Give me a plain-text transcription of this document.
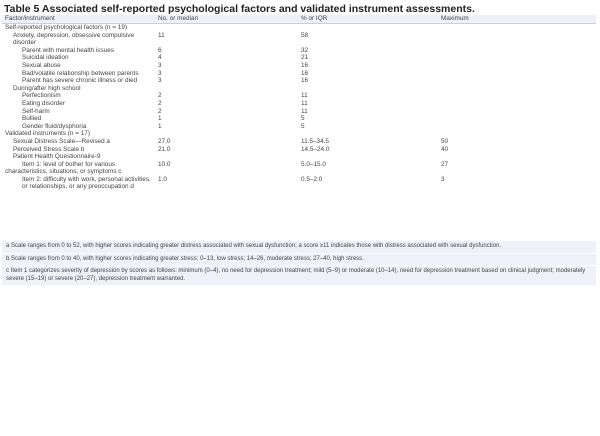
Table 5 Associated self-reported psychological factors and validated instrument assessments.
Factor/instrument	No. or median	% or IQR	Maximum
Self-reported psychological factors (n = 19)			
Anxiety, depression, obsessive compulsive disorder	11	58	
Parent with mental health issues	6	32	
Suicidal ideation	4	21	
Sexual abuse	3	16	
Bad/volatile relationship between parents	3	16	
Parent has severe chronic illness or died	3	16	
During/after high school			
Perfectionism	2	11	
Eating disorder	2	11	
Self-harm	2	11	
Bullied	1	5	
Gender fluid/dysphoria	1	5	
Validated instruments (n = 17)			
Sexual Distress Scale—Revised a	27.0	11.5–34.5	50
Perceived Stress Scale b	21.0	14.5–24.0	40
Patient Health Questionnaire-9			
Item 1: level of bother for various	10.0	5.0–15.0	27
characteristics, situations, or symptoms c			
Item 2: difficulty with work, personal activities, or relationships, or any preoccupation d	1.0	0.5–2.0	3
a Scale ranges from 0 to 52, with higher scores indicating greater distress associated with sexual dysfunction; a score ≥11 indicates those with distress associated with sexual dysfunction.
b Scale ranges from 0 to 40, with higher scores indicating greater stress: 0–13, low stress; 14–26, moderate stress; 27–40, high stress.
c Item 1 categorizes severity of depression by scores as follows: minimum (0–4), no need for depression treatment; mild (5–9) or moderate (10–14), need for depression treatment based on clinical judgment; moderately severe (15–19) or severe (20–27), depression treatment warranted.
